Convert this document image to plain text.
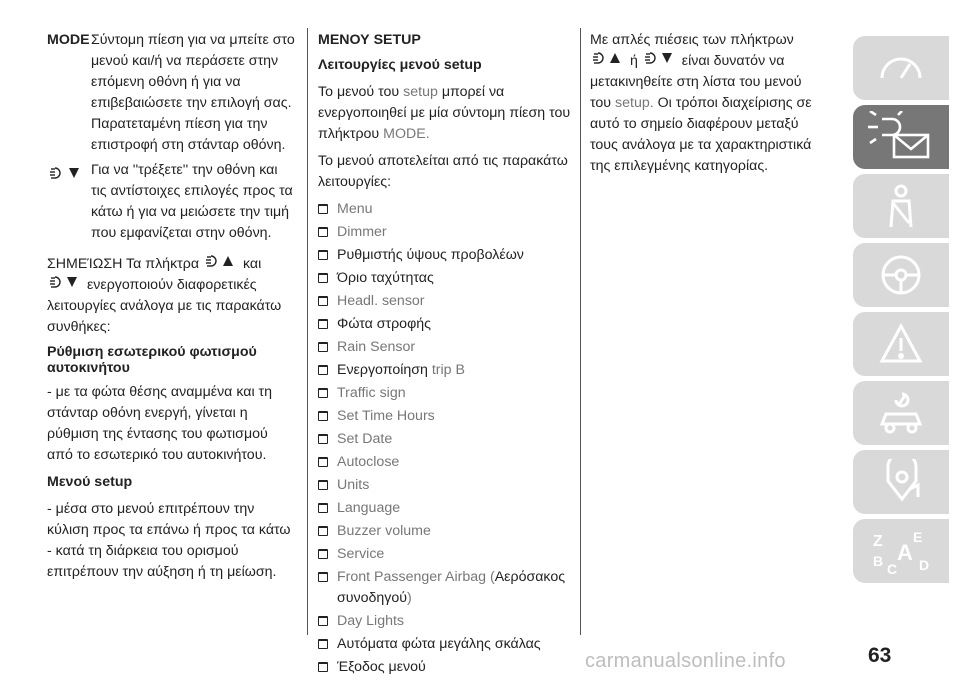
MODE Σύντομη πίεση για να μπείτε στο μενού και/ή να περάσετε στην επόμενη οθόνη ή για να επιβεβαιώσετε την επιλογή σας. Παρατεταμένη πίεση για την επιστροφή στη στάνταρ οθόνη.
Για να ''τρέξετε'' την οθόνη και τις αντίστοιχες επιλογές προς τα κάτω ή για να μειώσετε την τιμή που εμφανίζεται στην οθόνη.

ΣΗΜΕΊΩΣΗ Τα πλήκτρα	και
ενεργοποιούν διαφορετικές λειτουργίες ανάλογα με τις παρακάτω συνθήκες:

Ρύθμιση εσωτερικού φωτισμού αυτοκινήτου

- με τα φώτα θέσης αναμμένα και τη στάνταρ οθόνη ενεργή, γίνεται η ρύθμιση της έντασης του φωτισμού από το εσωτερικό του αυτοκινήτου.

Μενού setup

- μέσα στο μενού επιτρέπουν την κύλιση προς τα επάνω ή προς τα κάτω
- κατά τη διάρκεια του ορισμού επιτρέπουν την αύξηση ή τη μείωση.
ΜΕΝΟΥ SETUP

Λειτουργίες μενού setup

Το μενού του setup μπορεί να ενεργοποιηθεί με μία σύντομη πίεση του πλήκτρου MODE.

Το μενού αποτελείται από τις παρακάτω λειτουργίες:

Menu
Dimmer
Ρυθμιστής ύψους προβολέων
Όριο ταχύτητας
Headl. sensor
Φώτα στροφής
Rain Sensor
Ενεργοποίηση trip B
Traffic sign
Set Time Hours
Set Date
Autoclose
Units
Language
Buzzer volume
Service
Front Passenger Airbag (Αερόσακος συνοδηγού)
Day Lights
Αυτόματα φώτα μεγάλης σκάλας
Έξοδος μενού

Με απλές πιέσεις των πλήκτρων
ή	είναι δυνατόν να μετακινηθείτε στη λίστα του μενού του setup. Οι τρόποι διαχείρισης σε αυτό το σημείο διαφέρουν μεταξύ τους ανάλογα με τα χαρακτηριστικά της επιλεγμένης κατηγορίας.

Z E
A
B C D
63
carmanualsonline.info
